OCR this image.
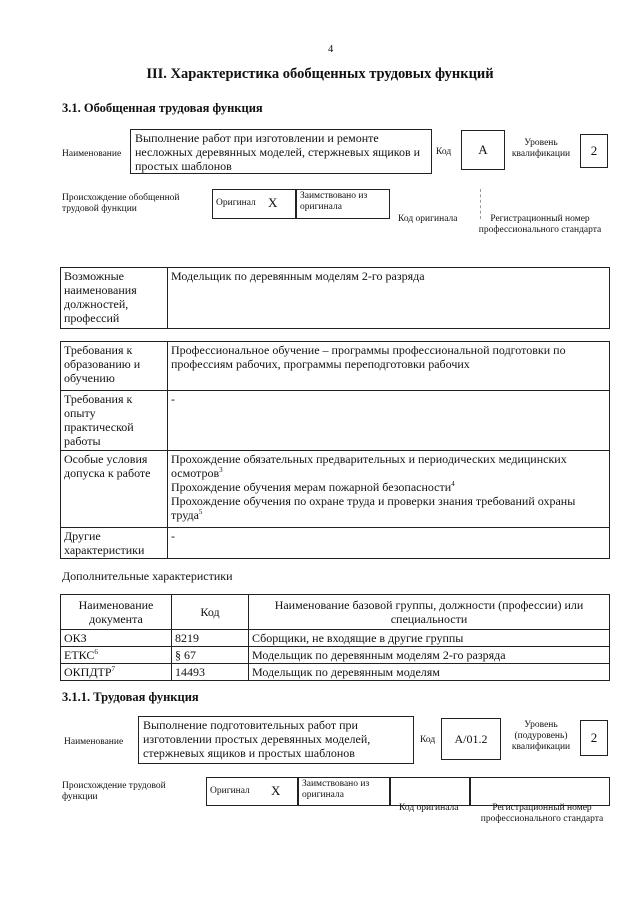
4
III. Характеристика обобщенных трудовых функций
3.1. Обобщенная трудовая функция
Наименование
Выполнение работ при изготовлении и ремонте несложных деревянных моделей, стержневых ящиков и простых шаблонов
Код	A	Уровень квалификации	2
Происхождение обобщенной трудовой функции
Оригинал X	Заимствовано из оригинала
Код оригинала	Регистрационный номер профессионального стандарта
Возможные наименования должностей, профессий	Модельщик по деревянным моделям 2-го разряда
Требования к образованию и обучению	Профессиональное обучение – программы профессиональной подготовки по профессиям рабочих, программы переподготовки рабочих
Требования к опыту практической работы	-
Особые условия допуска к работе	Прохождение обязательных предварительных и периодических медицинских осмотров$^3$
Прохождение обучения мерам пожарной безопасности$^4$
Прохождение обучения по охране труда и проверки знания требований охраны труда$^5$

Другие характеристики	-
Дополнительные характеристики
Наименование документа	Код	Наименование базовой группы, должности (профессии) или специальности
ОКЗ	8219	Сборщики, не входящие в другие группы
ЕТКС$^6$	§ 67	Модельщик по деревянным моделям 2-го разряда
ОКПДТР$^7$	14493	Модельщик по деревянным моделям
3.1.1. Трудовая функция
Наименование
Выполнение подготовительных работ при изготовлении простых деревянных моделей, стержневых ящиков и простых шаблонов
Код	A/01.2
Уровень (подуровень) квалификации
2
Происхождение трудовой функции
Оригинал X	Заимствовано из оригинала
Код оригинала	Регистрационный номер профессионального стандарта
